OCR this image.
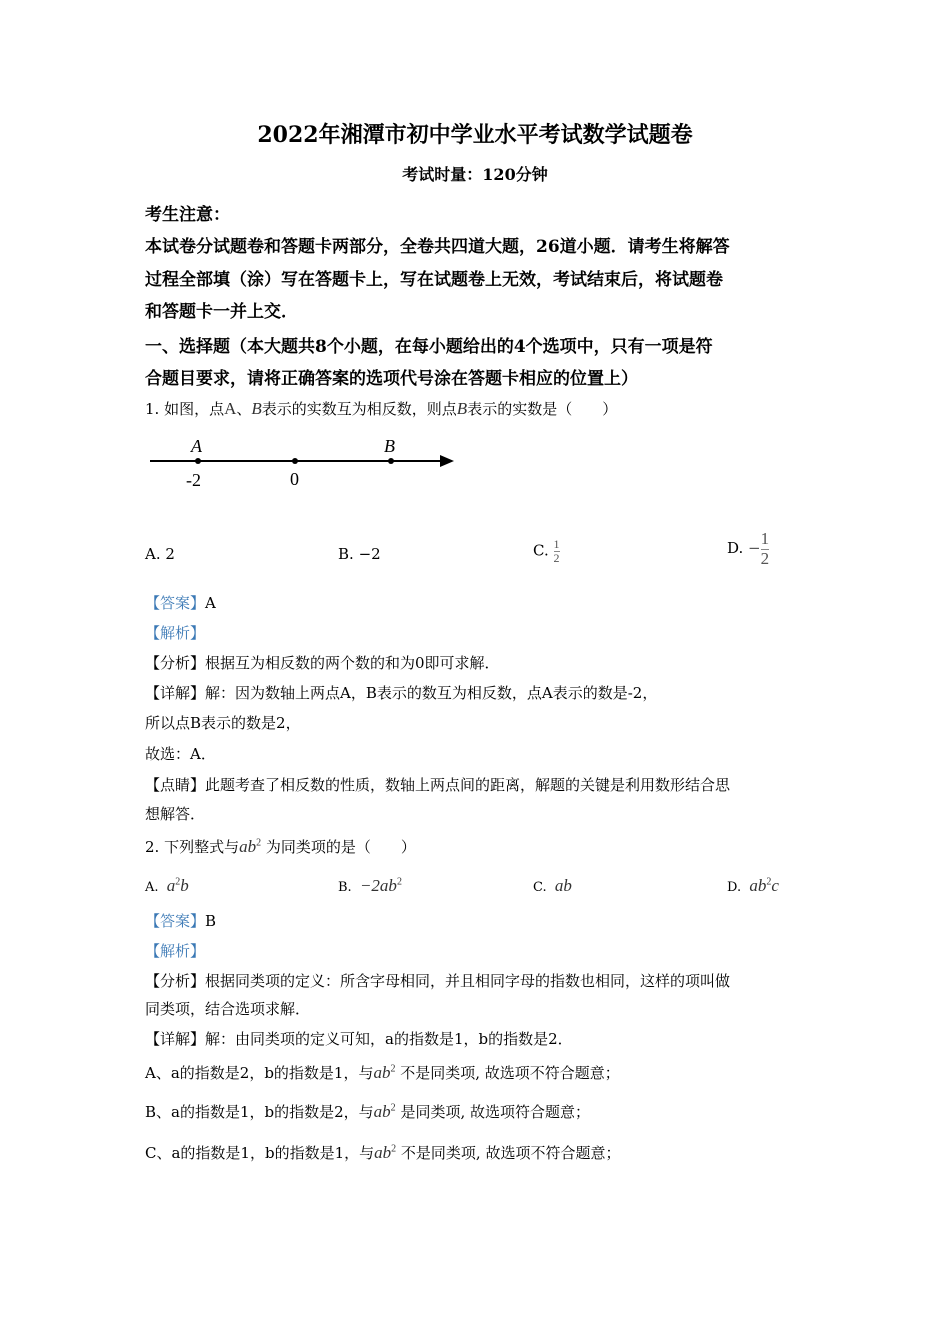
2022年湘潭市初中学业水平考试数学试题卷
考试时量：120分钟
考生注意：
本试卷分试题卷和答题卡两部分，全卷共四道大题，26道小题．请考生将解答
过程全部填（涂）写在答题卡上，写在试题卷上无效，考试结束后，将试题卷
和答题卡一并上交．
一、选择题（本大题共8个小题，在每小题给出的4个选项中，只有一项是符
合题目要求，请将正确答案的选项代号涂在答题卡相应的位置上）
1. 如图，点A、B表示的实数互为相反数，则点B表示的实数是（　　）
A	B
-2	0
A. 2	B. −2	C. $\frac{1}{2}$	D. − $\frac{1}{2}$
【答案】A
【解析】
【分析】根据互为相反数的两个数的和为0即可求解．
【详解】解：因为数轴上两点A，B表示的数互为相反数，点A表示的数是-2，
所以点B表示的数是2，
故选：A．
【点睛】此题考查了相反数的性质，数轴上两点间的距离，解题的关键是利用数形结合思
想解答．
2. 下列整式与$ab^2$ 为同类项的是（　　）
A. $a^2b$	B. $-2ab^2$	C. ab	D. $ab^2c$
【答案】B
【解析】
【分析】根据同类项的定义：所含字母相同，并且相同字母的指数也相同，这样的项叫做
同类项，结合选项求解．
【详解】解：由同类项的定义可知，a的指数是1，b的指数是2．
A、a的指数是2，b的指数是1，与$ab^2$ 不是同类项, 故选项不符合题意；
B、a的指数是1，b的指数是2，与$ab^2$ 是同类项, 故选项符合题意；
C、a的指数是1，b的指数是1，与$ab^2$ 不是同类项, 故选项不符合题意；
